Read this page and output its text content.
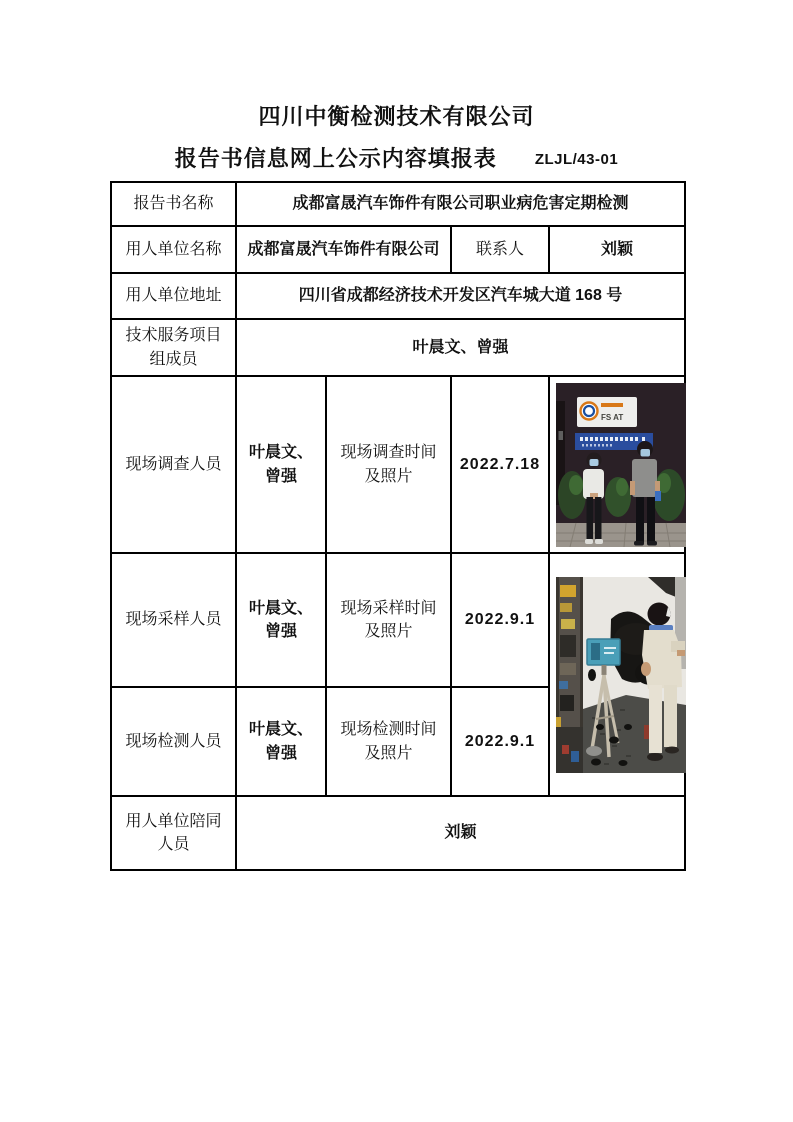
四川中衡检测技术有限公司
报告书信息网上公示内容填报表	ZLJL/43-01
报告书名称	成都富晟汽车饰件有限公司职业病危害定期检测			
用人单位名称	成都富晟汽车饰件有限公司		联系人	刘颖
用人单位地址	四川省成都经济技术开发区汽车城大道 168 号			
技术服务项目组成员	叶晨文、曾强			
现场调查人员	叶晨文、曾强	现场调查时间及照片	2022.7.18	FS AT

现场采样人员	叶晨文、曾强	现场采样时间及照片	2022.9.1	

现场检测人员	叶晨文、曾强	现场检测时间及照片	2022.9.1	
用人单位陪同人员	刘颖			
